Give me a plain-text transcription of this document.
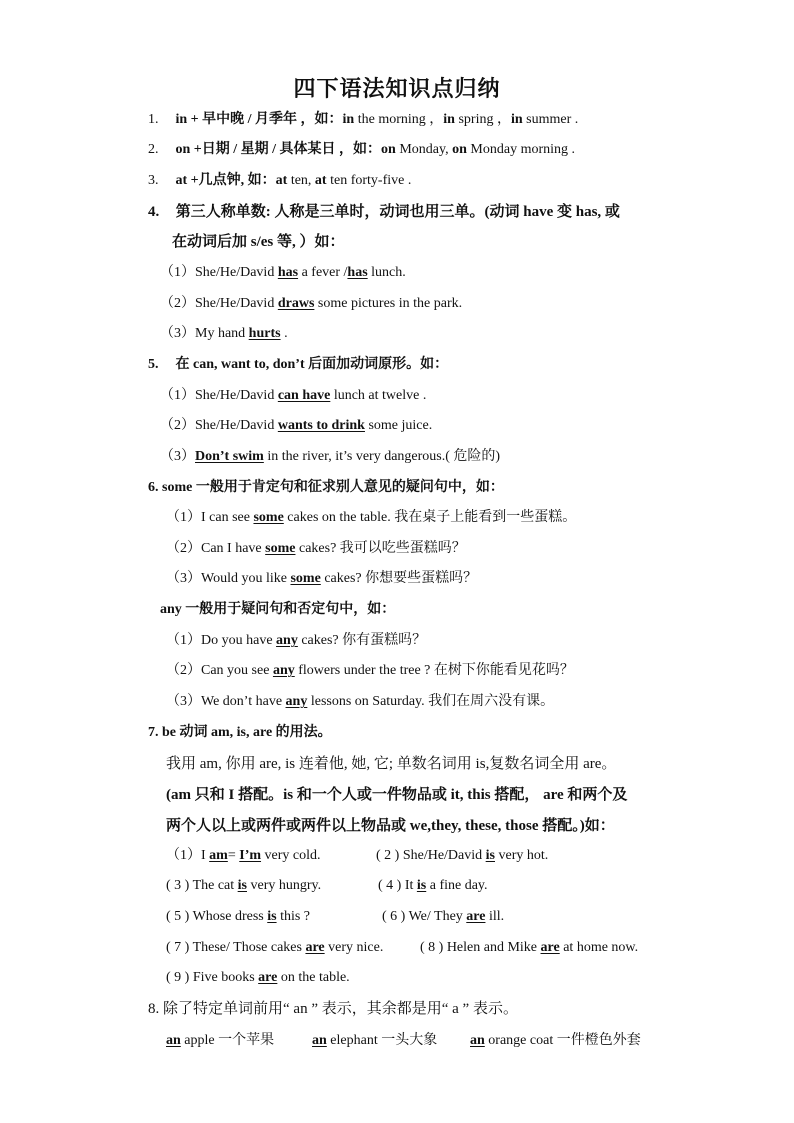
四下语法知识点归纳
1. in + 早中晚 / 月季年 ，如：in the morning ，in spring ，in summer .
2. on +日期 / 星期 / 具体某日 ，如：on Monday, on Monday morning .
3. at +几点钟, 如：at ten, at ten forty-five .
4. 第三人称单数: 人称是三单时，动词也用三单。(动词 have 变 has, 或
在动词后加 s/es 等, ）如：
（1）She/He/David has a fever /has lunch.
（2）She/He/David draws some pictures in the park.
（3）My hand hurts .
5. 在 can, want to, don’t 后面加动词原形。如：
（1）She/He/David can have lunch at twelve .
（2）She/He/David wants to drink some juice.
（3）Don’t swim in the river, it’s very dangerous.( 危险的)
6. some 一般用于肯定句和征求别人意见的疑问句中，如：
（1）I can see some cakes on the table. 我在桌子上能看到一些蛋糕。
（2）Can I have some cakes? 我可以吃些蛋糕吗？
（3）Would you like some cakes? 你想要些蛋糕吗？
any 一般用于疑问句和否定句中，如：
（1）Do you have any cakes? 你有蛋糕吗？
（2）Can you see any flowers under the tree ? 在树下你能看见花吗？
（3）We don’t have any lessons on Saturday. 我们在周六没有课。
7. be 动词 am, is, are 的用法。
我用 am, 你用 are, is 连着他, 她, 它; 单数名词用 is,复数名词全用 are。
(am 只和 I 搭配。is 和一个人或一件物品或 it, this 搭配， are 和两个及
两个人以上或两件或两件以上物品或 we,they, these, those 搭配。)如：
（1）I am= I’m very cold.	( 2 ) She/He/David is very hot.
( 3 ) The cat is very hungry.	( 4 ) It is a fine day.
( 5 ) Whose dress is this ?	( 6 ) We/ They are ill.
( 7 ) These/ Those cakes are very nice.	( 8 ) Helen and Mike are at home now.
( 9 ) Five books are on the table.
8. 除了特定单词前用“ an ” 表示，其余都是用“ a ” 表示。
an apple 一个苹果	an elephant 一头大象 an orange coat 一件橙色外套
